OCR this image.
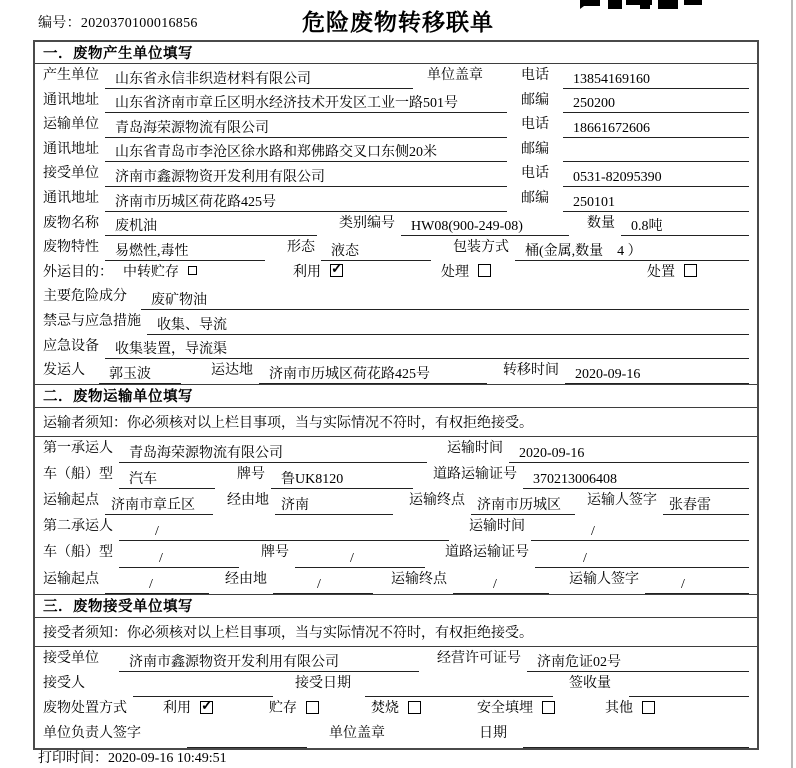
编号：2020370100016856	危险废物转移联单
一．废物产生单位填写
产生单位	山东省永信非织造材料有限公司	单位盖章	电话	13854169160
通讯地址	山东省济南市章丘区明水经济技术开发区工业一路501号	邮编	250200
运输单位	青岛海荣源物流有限公司	电话	18661672606
通讯地址	山东省青岛市李沧区徐水路和郑佛路交叉口东侧20米	邮编
接受单位	济南市鑫源物资开发利用有限公司	电话	0531-82095390
通讯地址	济南市历城区荷花路425号	邮编	250101
废物名称	废机油	类别编号	HW08(900-249-08)	数量	0.8吨
废物特性	易燃性,毒性	形态	液态	包装方式	桶(金属,数量　4 ）
外运目的： 中转贮存	利用 ✓	处理	处置
主要危险成分	废矿物油
禁忌与应急措施	收集、导流
应急设备	收集装置，导流渠
发运人	郭玉波	运达地	济南市历城区荷花路425号	转移时间	2020-09-16
二．废物运输单位填写
运输者须知：你必须核对以上栏目事项，当与实际情况不符时，有权拒绝接受。
第一承运人	青岛海荣源物流有限公司	运输时间	2020-09-16
车（船）型	汽车	牌号	鲁UK8120	道路运输证号	370213006408
运输起点 济南市章丘区	经由地 济南	运输终点 济南市历城区	运输人签字 张春雷
第二承运人	/	运输时间	/
车（船）型	/	牌号	/	道路运输证号	/
运输起点	/	经由地	/	运输终点	/	运输人签字	/
三．废物接受单位填写
接受者须知：你必须核对以上栏目事项，当与实际情况不符时，有权拒绝接受。
接受单位	济南市鑫源物资开发利用有限公司	经营许可证号	济南危证02号
接受人	接受日期	签收量
废物处置方式	利用 ✓	贮存	焚烧	安全填埋	其他
单位负责人签字	单位盖章	日期
打印时间：2020-09-16 10:49:51
